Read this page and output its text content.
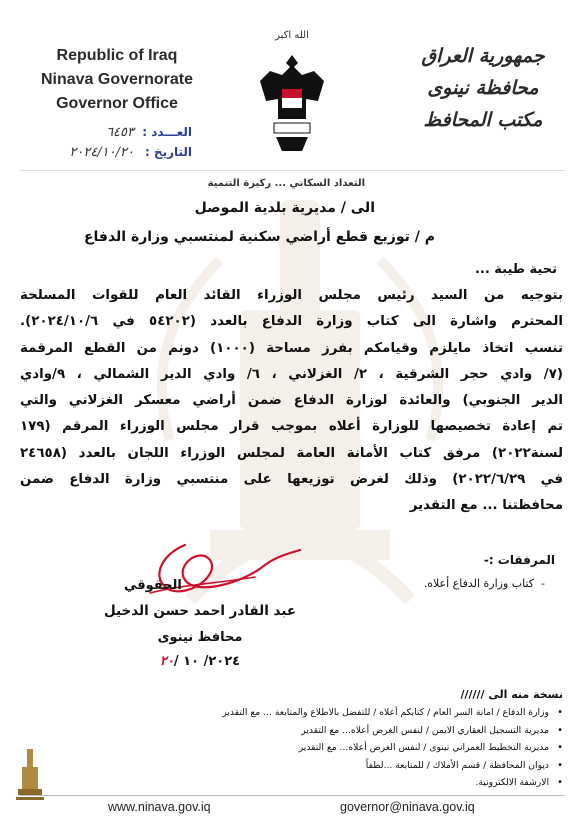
Republic of Iraq
Ninava Governorate
Governor Office
الله اكبر
جمهورية العراق
محافظة نينوى
مكتب المحافظ
العـــدد :
٦٤٥٣
التاريخ :
٢٠٢٤/١٠/٢٠
التعداد السكاني ... ركيزة التنمية
الى / مديرية بلدية الموصل
م / توزيع قطع أراضي سكنية لمنتسبي وزارة الدفاع
تحية طيبة ...
بتوجيه من السيد رئيس مجلس الوزراء القائد العام للقوات المسلحة
المحترم واشارة الى كتاب وزارة الدفاع بالعدد (٥٤٢٠٢ في ٢٠٢٤/١٠/٦).
تنسب اتخاذ مايلزم وقيامكم بفرز مساحة (١٠٠٠) دونم من القطع المرقمة
(٧/ وادي حجر الشرقية ، ٢/ الغزلاني ، ٦/ وادي الدير الشمالي ، ٩/وادي
الدير الجنوبي) والعائدة لوزارة الدفاع ضمن أراضي معسكر الغزلاني والتي
تم إعادة تخصيصها للوزارة أعلاه بموجب قرار مجلس الوزراء المرقم (١٧٩
لسنة٢٠٢٢) مرفق كتاب الأمانة العامة لمجلس الوزراء اللجان بالعدد (٢٤٦٥٨
في ٢٠٢٢/٦/٢٩) وذلك لغرض توزيعها على منتسبي وزارة الدفاع ضمن
محافظتنا ... مع التقدير
المرفقات :-
-  كتاب وزارة الدفاع أعلاه.
الحقوقي
عبد القادر احمد حسن الدخيل
محافظ نينوى
٢٠٢٤/ ١٠ /٢٠
نسخة منه الى //////
• وزارة الدفاع / امانة السر العام / كتابكم أعلاه / للتفضل بالاطلاع والمتابعة ... مع التقدير
• مديرية التسجيل العقاري الايمن / لنفس الغرض أعلاه... مع التقدير
• مديرية التخطيط العمراني نينوى / لنفس الغرض أعلاه... مع التقدير
• ديوان المحافظة / قسم الأملاك / للمتابعة ...لطفاً
• الارشفة الالكترونية.
www.ninava.gov.iq	governor@ninava.gov.iq
